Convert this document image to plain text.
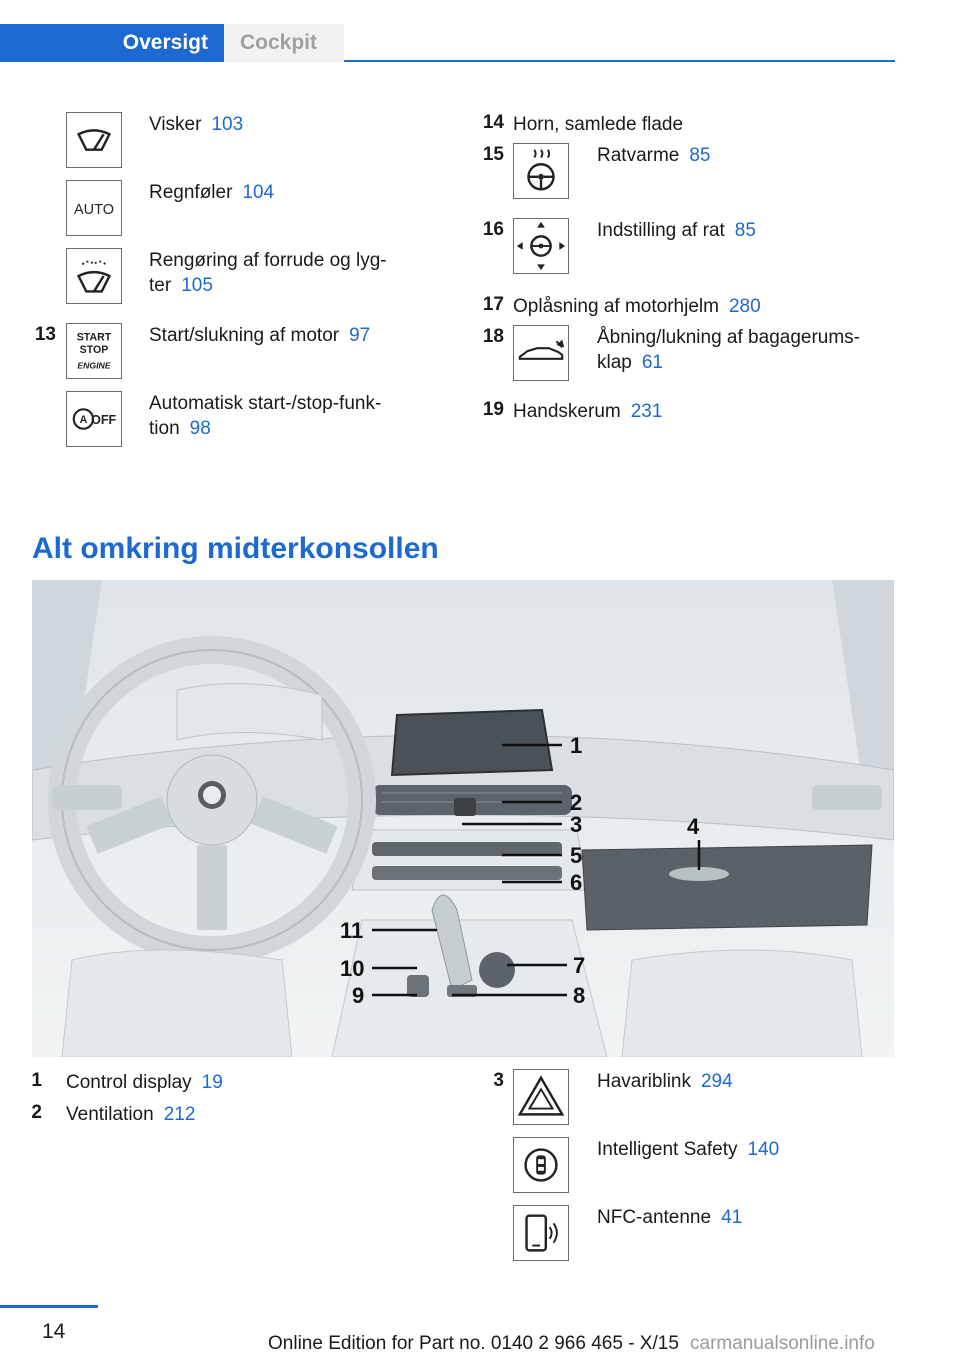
Oversigt	Cockpit
Visker 103
AUTO
Regnføler 104
Rengøring af forrude og lyg-
ter 105
13 START
STOP
ENGINE
Start/slukning af motor 97
A OFF
Automatisk start-/stop-funk-
tion 98
14 Horn, samlede flade
15	Ratvarme 85
16	Indstilling af rat 85
17 Oplåsning af motorhjelm 280
18	Åbning/lukning af bagagerums-
klap 61
19 Handskerum 231
Alt omkring midterkonsollen
1
2
3	4
5
6
7
8
9
10
11
1 Control display 19
2 Ventilation 212
3	Havariblink 294
Intelligent Safety 140
NFC-antenne 41
14
Online Edition for Part no. 0140 2 966 465 - X/15 carmanualsonline.info
